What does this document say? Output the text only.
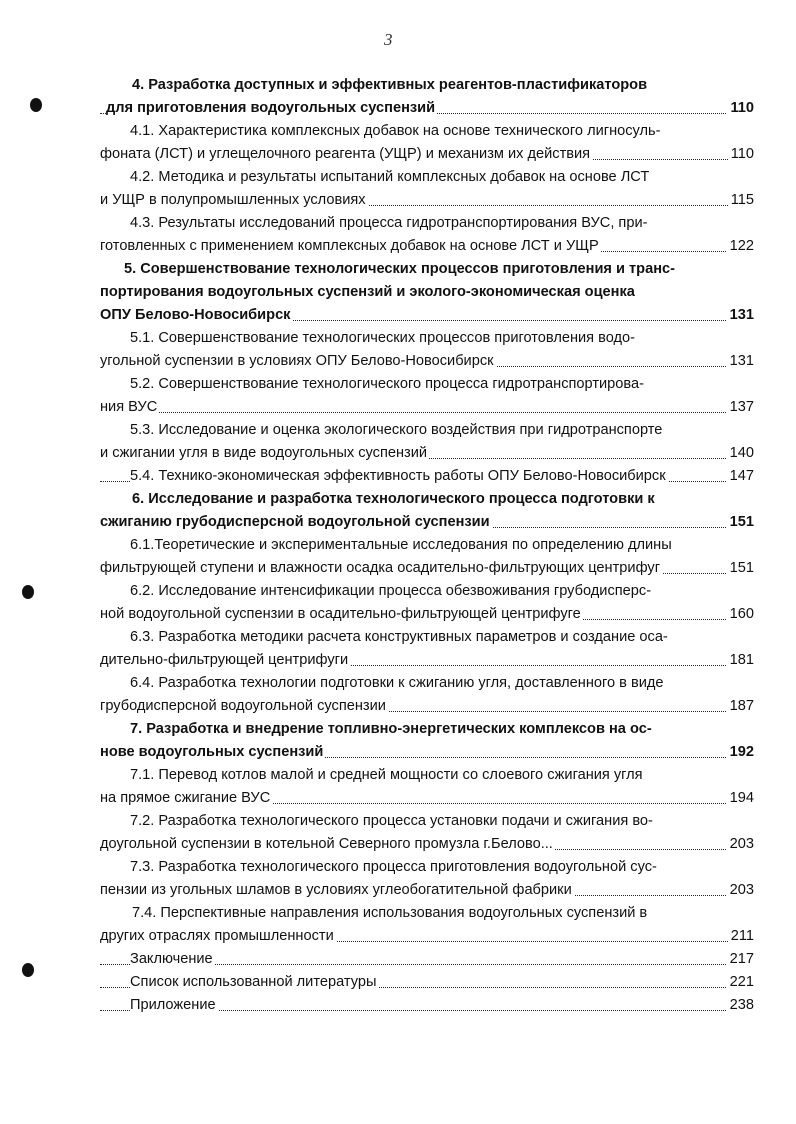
3
4. Разработка доступных и эффективных реагентов-пластификаторов
для приготовления водоугольных суспензий	110
4.1. Характеристика комплексных добавок на основе технического лигносуль-
фоната (ЛСТ) и углещелочного реагента (УЩР) и механизм их действия	110
4.2. Методика и результаты испытаний комплексных добавок на основе ЛСТ
и УЩР в полупромышленных условиях	115
4.3. Результаты исследований процесса гидротранспортирования ВУС, при-
готовленных с применением комплексных добавок на основе ЛСТ и УЩР	122
5. Совершенствование технологических процессов приготовления и транс-
портирования водоугольных суспензий и эколого-экономическая оценка
ОПУ Белово-Новосибирск	131
5.1. Совершенствование технологических процессов приготовления водо-
угольной суспензии в условиях ОПУ Белово-Новосибирск	131
5.2. Совершенствование технологического процесса гидротранспортирова-
ния ВУС	137
5.3. Исследование и оценка экологического воздействия при гидротранспорте
и сжигании угля в виде водоугольных суспензий	140
5.4. Технико-экономическая эффективность работы ОПУ Белово-Новосибирск	147
6. Исследование и разработка технологического процесса подготовки к
сжиганию грубодисперсной водоугольной суспензии	151
6.1.Теоретические и экспериментальные исследования по определению длины
фильтрующей ступени и влажности осадка осадительно-фильтрующих центрифуг	151
6.2. Исследование интенсификации процесса обезвоживания грубодисперс-
ной водоугольной суспензии в осадительно-фильтрующей центрифуге	160
6.3. Разработка методики расчета конструктивных параметров и создание оса-
дительно-фильтрующей центрифуги	181
6.4. Разработка технологии подготовки к сжиганию угля, доставленного в виде
грубодисперсной водоугольной суспензии	187
7. Разработка и внедрение топливно-энергетических комплексов на ос-
нове водоугольных суспензий	192
7.1. Перевод котлов малой и средней мощности со слоевого сжигания угля
на прямое сжигание ВУС	194
7.2. Разработка технологического процесса установки подачи и сжигания во-
доугольной суспензии в котельной Северного промузла г.Белово...	203
7.3. Разработка технологического процесса приготовления водоугольной сус-
пензии из угольных шламов в условиях углеобогатительной фабрики	203
7.4. Перспективные направления использования водоугольных суспензий в
других отраслях промышленности	211
Заключение	217
Список использованной литературы	221
Приложение	238
